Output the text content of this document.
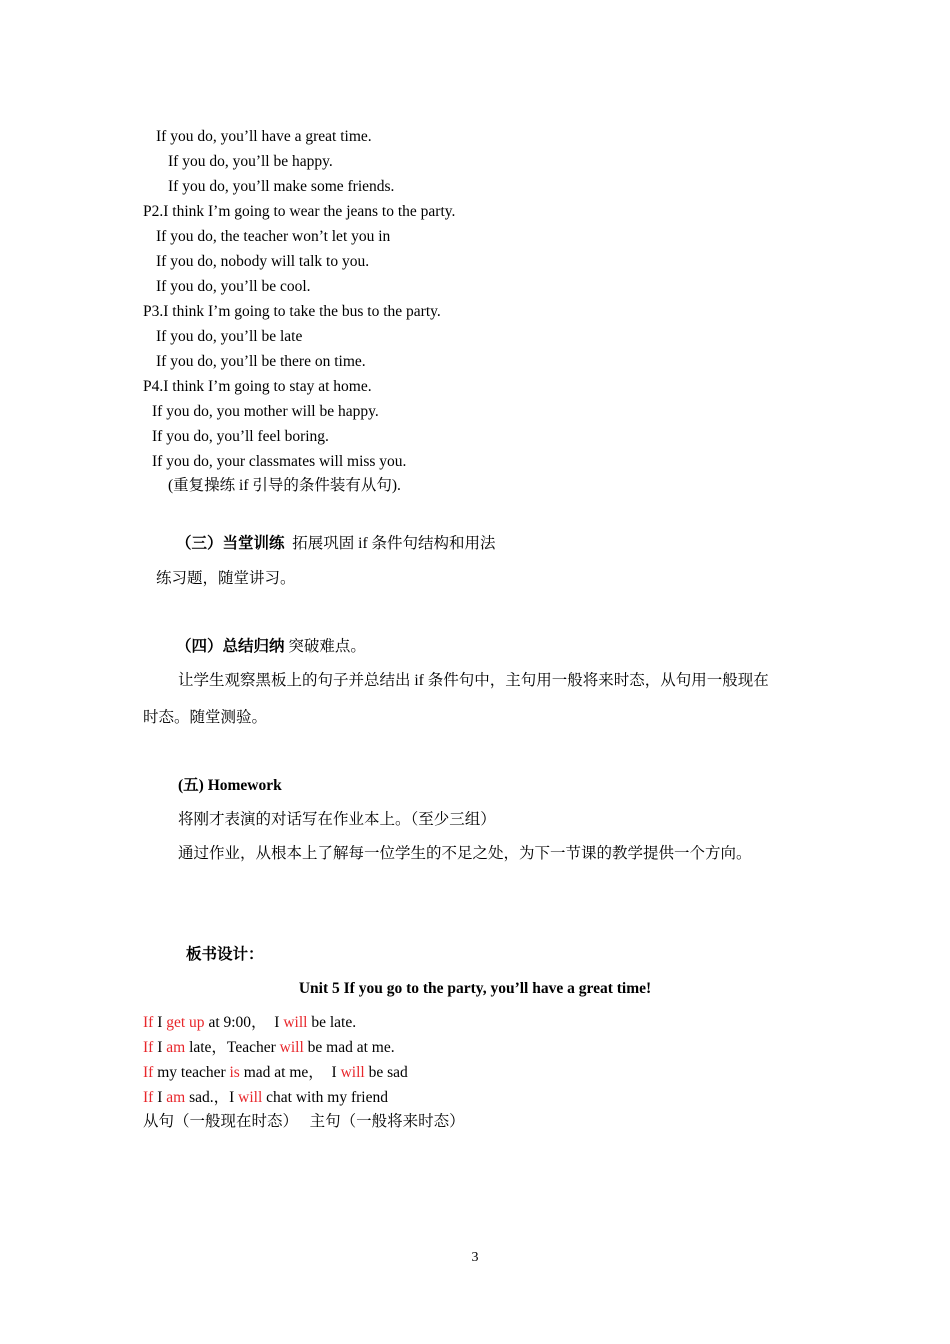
If you do, you’ll have a great time.
If you do, you’ll be happy.
If you do, you’ll make some friends.
P2.I think I’m going to wear the jeans to the party.
If you do, the teacher won’t let you in
If you do, nobody will talk to you.
If you do, you’ll be cool.
P3.I think I’m going to take the bus to the party.
If you do, you’ll be late
If you do, you’ll be there on time.
P4.I think I’m going to stay at home.
If you do, you mother will be happy.
If you do, you’ll feel boring.
If you do, your classmates will miss you.
(重复操练 if 引导的条件装有从句).
（三）当堂训练 拓展巩固 if 条件句结构和用法
练习题，随堂讲习。
（四）总结归纳 突破难点。
让学生观察黑板上的句子并总结出 if 条件句中，主句用一般将来时态，从句用一般现在
时态。随堂测验。
(五) Homework
将刚才表演的对话写在作业本上。（至少三组）
通过作业，从根本上了解每一位学生的不足之处，为下一节课的教学提供一个方向。
板书设计：
Unit 5 If you go to the party, you’ll have a great time!
If I get up at 9:00，  I will be late.
If I am late，Teacher will be mad at me.
If my teacher is mad at me，  I will be sad
If I am sad.，I will chat with my friend
从句（一般现在时态） 主句（一般将来时态）
3
